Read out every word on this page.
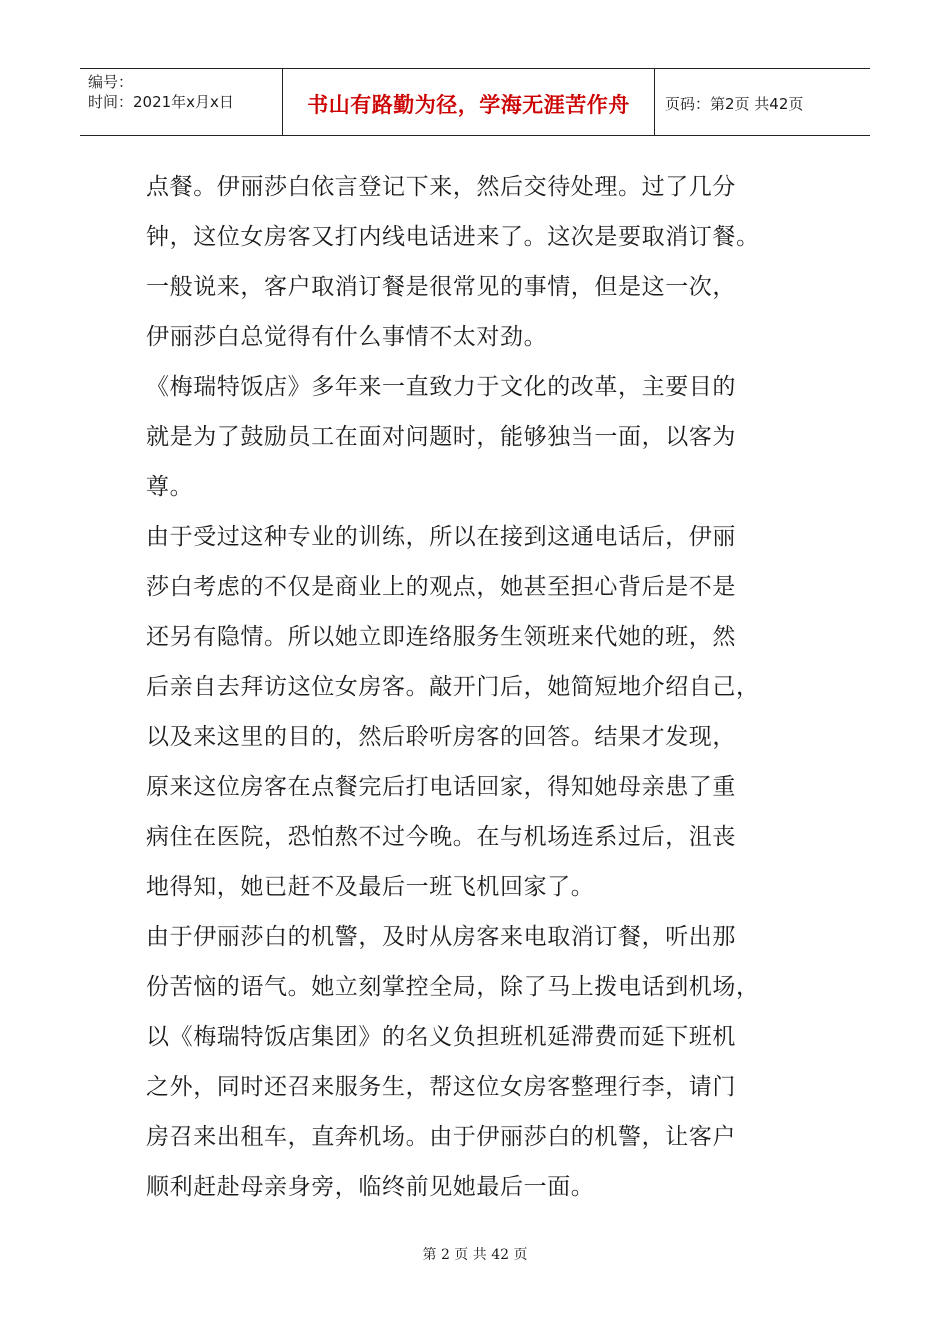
编号：
时间：2021年x月x日	书山有路勤为径，学海无涯苦作舟	页码：第2页 共42页
点餐。伊丽莎白依言登记下来，然后交待处理。过了几分
钟，这位女房客又打内线电话进来了。这次是要取消订餐。
一般说来，客户取消订餐是很常见的事情，但是这一次，
伊丽莎白总觉得有什么事情不太对劲。
《梅瑞特饭店》多年来一直致力于文化的改革，主要目的
就是为了鼓励员工在面对问题时，能够独当一面，以客为
尊。
由于受过这种专业的训练，所以在接到这通电话后，伊丽
莎白考虑的不仅是商业上的观点，她甚至担心背后是不是
还另有隐情。所以她立即连络服务生领班来代她的班，然
后亲自去拜访这位女房客。敲开门后，她简短地介绍自己，
以及来这里的目的，然后聆听房客的回答。结果才发现，
原来这位房客在点餐完后打电话回家，得知她母亲患了重
病住在医院，恐怕熬不过今晚。在与机场连系过后，沮丧
地得知，她已赶不及最后一班飞机回家了。
由于伊丽莎白的机警，及时从房客来电取消订餐，听出那
份苦恼的语气。她立刻掌控全局，除了马上拨电话到机场，
以《梅瑞特饭店集团》的名义负担班机延滞费而延下班机
之外，同时还召来服务生，帮这位女房客整理行李，请门
房召来出租车，直奔机场。由于伊丽莎白的机警，让客户
顺利赶赴母亲身旁，临终前见她最后一面。
第 2 页 共 42 页
